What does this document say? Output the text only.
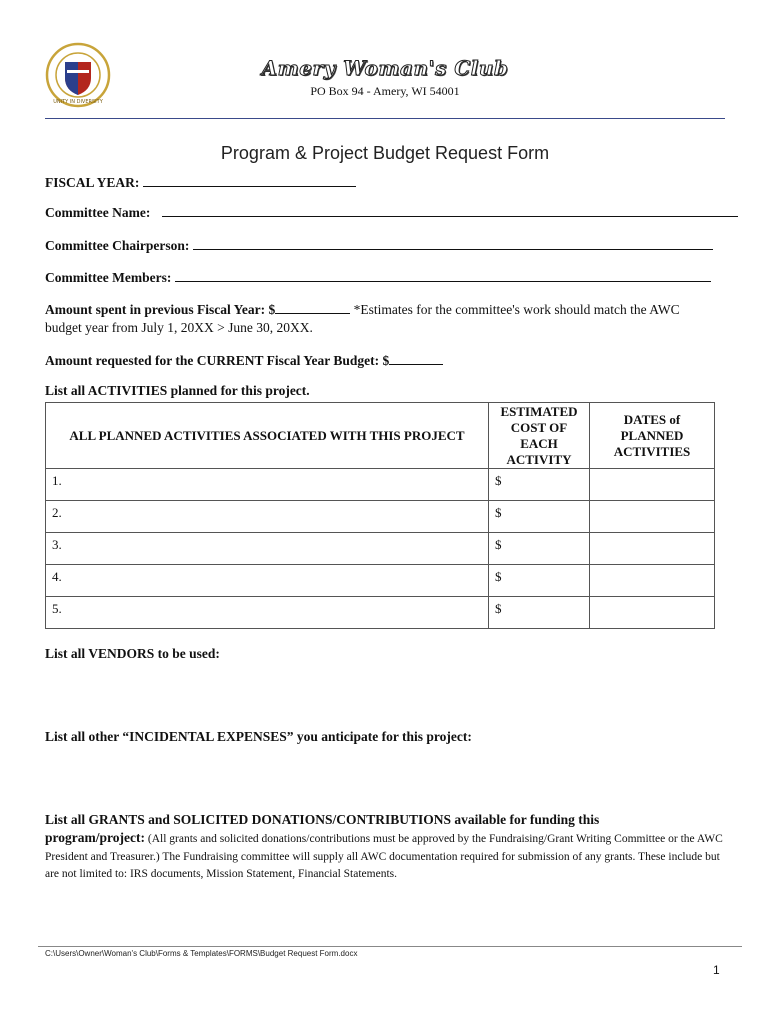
UNITY IN DIVERSITY
Amery Woman's Club
PO Box 94 - Amery, WI 54001
Program & Project Budget Request Form
FISCAL YEAR:
Committee Name:
Committee Chairperson:
Committee Members:
Amount spent in previous Fiscal Year: $	*Estimates for the committee's work should match the AWC
budget year from July 1, 20XX > June 30, 20XX.
Amount requested for the CURRENT Fiscal Year Budget: $
List all ACTIVITIES planned for this project.
ALL PLANNED ACTIVITIES ASSOCIATED WITH THIS PROJECT	ESTIMATED
COST OF
EACH
ACTIVITY	DATES of
PLANNED
ACTIVITIES
1.	$	
2.	$	
3.	$	
4.	$	
5.	$	
List all VENDORS to be used:
List all other “INCIDENTAL EXPENSES” you anticipate for this project:
List all GRANTS and SOLICITED DONATIONS/CONTRIBUTIONS available for funding this
program/project: (All grants and solicited donations/contributions must be approved by the Fundraising/Grant Writing Committee or the AWC President and Treasurer.) The Fundraising committee will supply all AWC documentation required for submission of any grants. These include but are not limited to: IRS documents, Mission Statement, Financial Statements.
C:\Users\Owner\Woman's Club\Forms & Templates\FORMS\Budget Request Form.docx
1
